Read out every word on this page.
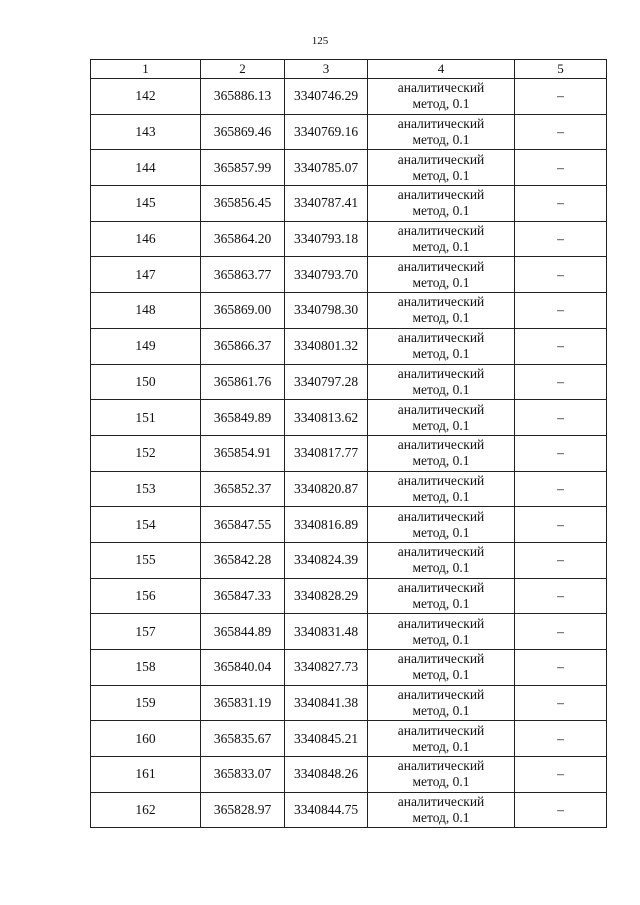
125
1	2	3	4	5
142	365886.13	3340746.29	аналитический
метод, 0.1	–
143	365869.46	3340769.16	аналитический
метод, 0.1	–
144	365857.99	3340785.07	аналитический
метод, 0.1	–
145	365856.45	3340787.41	аналитический
метод, 0.1	–
146	365864.20	3340793.18	аналитический
метод, 0.1	–
147	365863.77	3340793.70	аналитический
метод, 0.1	–
148	365869.00	3340798.30	аналитический
метод, 0.1	–
149	365866.37	3340801.32	аналитический
метод, 0.1	–
150	365861.76	3340797.28	аналитический
метод, 0.1	–
151	365849.89	3340813.62	аналитический
метод, 0.1	–
152	365854.91	3340817.77	аналитический
метод, 0.1	–
153	365852.37	3340820.87	аналитический
метод, 0.1	–
154	365847.55	3340816.89	аналитический
метод, 0.1	–
155	365842.28	3340824.39	аналитический
метод, 0.1	–
156	365847.33	3340828.29	аналитический
метод, 0.1	–
157	365844.89	3340831.48	аналитический
метод, 0.1	–
158	365840.04	3340827.73	аналитический
метод, 0.1	–
159	365831.19	3340841.38	аналитический
метод, 0.1	–
160	365835.67	3340845.21	аналитический
метод, 0.1	–
161	365833.07	3340848.26	аналитический
метод, 0.1	–
162	365828.97	3340844.75	аналитический
метод, 0.1	–
